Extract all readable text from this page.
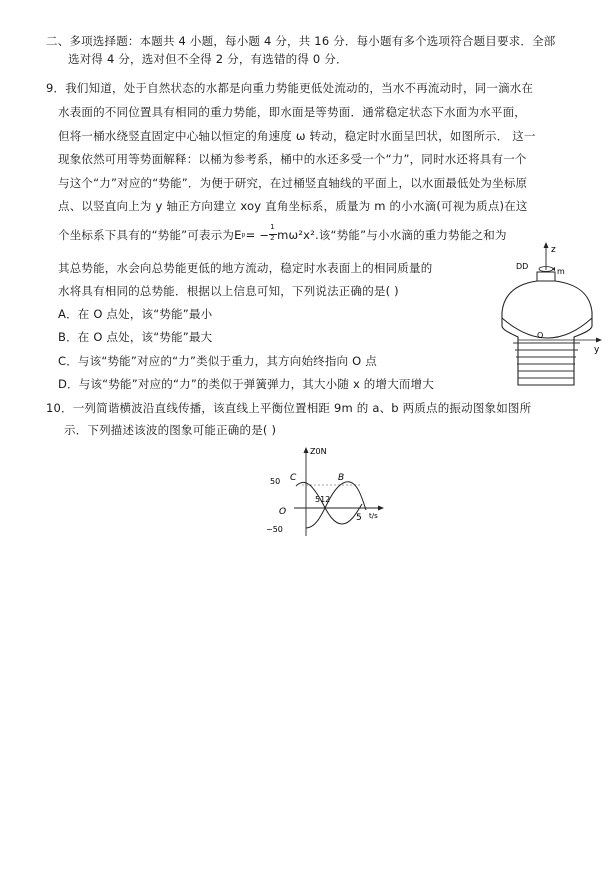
二、多项选择题：本题共 4 小题，每小题 4 分，共 16 分．每小题有多个选项符合题目要求．全部
选对得 4 分，选对但不全得 2 分，有选错的得 0 分．
9．我们知道，处于自然状态的水都是向重力势能更低处流动的，当水不再流动时，同一滴水在
水表面的不同位置具有相同的重力势能，即水面是等势面．通常稳定状态下水面为水平面，
但将一桶水绕竖直固定中心轴以恒定的角速度 ω 转动，稳定时水面呈凹状，如图所示． 这一
现象依然可用等势面解释：以桶为参考系，桶中的水还多受一个“力”，同时水还将具有一个
与这个“力”对应的“势能”．为便于研究，在过桶竖直轴线的平面上，以水面最低处为坐标原
点、以竖直向上为 y 轴正方向建立 xoy 直角坐标系，质量为 m 的小水滴(可视为质点)在这
个坐标系下具有的“势能”可表示为$Ep= - \frac{1}{2} m\omega^2x^2$.该“势能”与小水滴的重力势能之和为
其总势能，水会向总势能更低的地方流动，稳定时水表面上的相同质量的
水将具有相同的总势能．根据以上信息可知，下列说法正确的是( )
A．在 O 点处，该“势能”最小
B．在 O 点处，该“势能”最大
C．与该“势能”对应的“力”类似于重力，其方向始终指向 O 点
D．与该“势能”对应的“力”的类似于弹簧弹力，其大小随 x 的增大而增大
z
DD
m
y
O
10．一列简谐横波沿直线传播，该直线上平衡位置相距 9m 的 a、b 两质点的振动图象如图所
示．下列描述该波的图象可能正确的是( )
Z0N
t/s
50
−50
O
C	B
512
5
